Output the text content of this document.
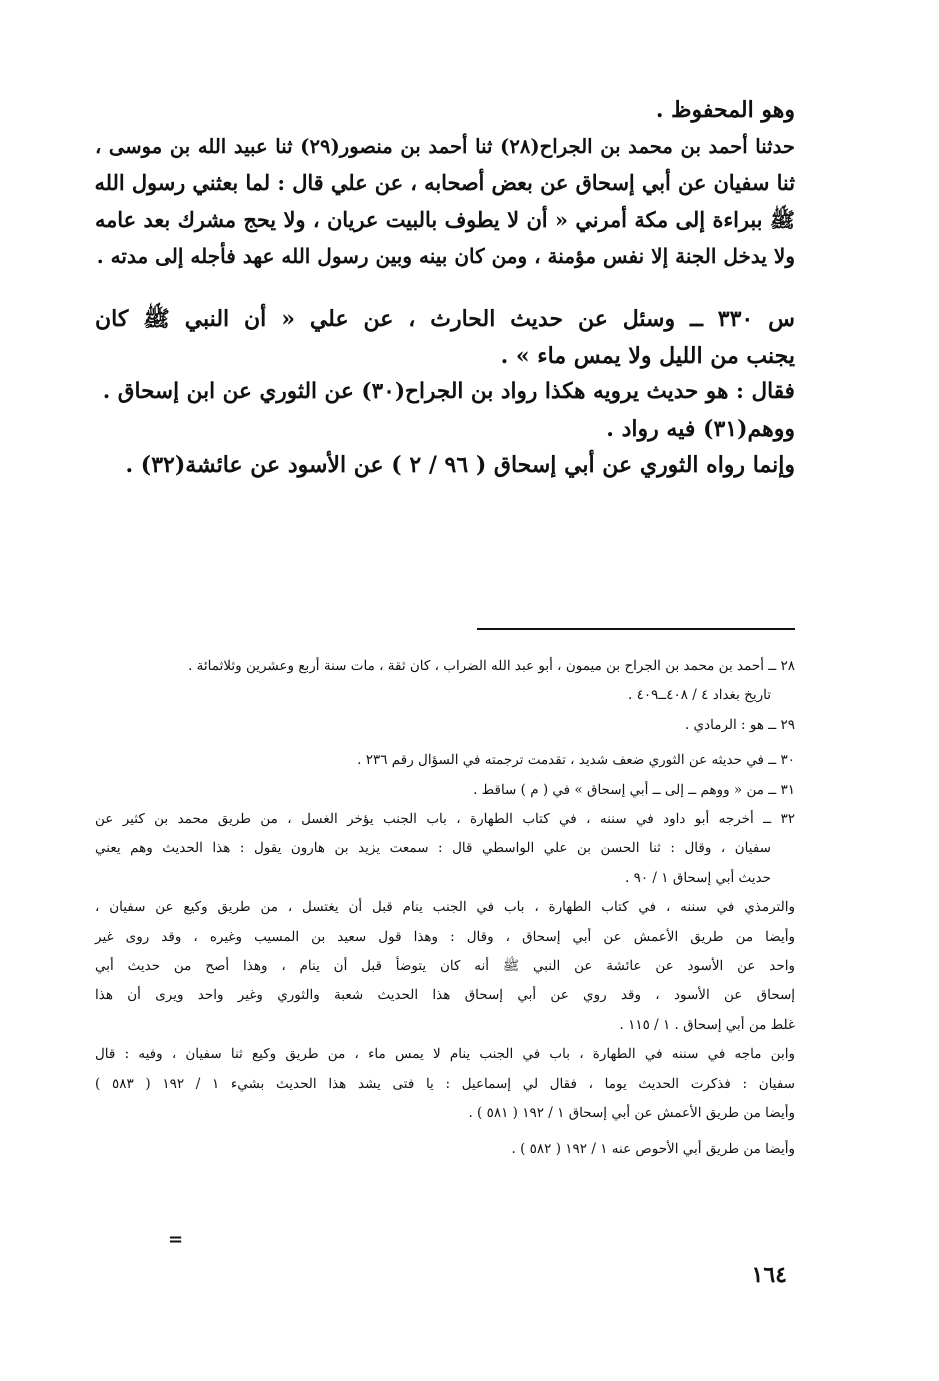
وهو المحفوظ .
حدثنا أحمد بن محمد بن الجراح(٢٨) ثنا أحمد بن منصور(٢٩) ثنا عبيد الله بن موسى ،
ثنا سفيان عن أبي إسحاق عن بعض أصحابه ، عن علي قال : لما بعثني رسول الله
ﷺ ببراءة إلى مكة أمرني « أن لا يطوف بالبيت عريان ، ولا يحج مشرك بعد عامه
ولا يدخل الجنة إلا نفس مؤمنة ، ومن كان بينه وبين رسول الله عهد فأجله إلى مدته .
س ٣٣٠ ــ وسئل عن حديث الحارث ، عن علي « أن النبي ﷺ كان
يجنب من الليل ولا يمس ماء » .
فقال : هو حديث يرويه هكذا رواد بن الجراح(٣٠) عن الثوري عن ابن إسحاق .
ووهم(٣١) فيه رواد .
وإنما رواه الثوري عن أبي إسحاق ( ٩٦ / ٢ ) عن الأسود عن عائشة(٣٢) .
٢٨ ــ أحمد بن محمد بن الجراح بن ميمون ، أبو عبد الله الضراب ، كان ثقة ، مات سنة أربع وعشرين وثلاثمائة .
تاريخ بغداد ٤ / ٤٠٨ــ٤٠٩ .
٢٩ ــ هو : الرمادي .
٣٠ ــ في حديثه عن الثوري ضعف شديد ، تقدمت ترجمته في السؤال رقم ٢٣٦ .
٣١ ــ من « ووهم ــ إلى ــ أبي إسحاق » في ( م ) ساقط .
٣٢ ــ أخرجه أبو داود في سننه ، في كتاب الطهارة ، باب الجنب يؤخر الغسل ، من طريق محمد بن كثير عن
سفيان ، وقال : ثنا الحسن بن علي الواسطي قال : سمعت يزيد بن هارون يقول : هذا الحديث وهم يعني
حديث أبي إسحاق ١ / ٩٠ .
والترمذي في سننه ، في كتاب الطهارة ، باب في الجنب ينام قبل أن يغتسل ، من طريق وكيع عن سفيان ،
وأيضا من طريق الأعمش عن أبي إسحاق ، وقال : وهذا قول سعيد بن المسيب وغيره ، وقد روى غير
واحد عن الأسود عن عائشة عن النبي ﷺ أنه كان يتوضأ قبل أن ينام ، وهذا أصح من حديث أبي
إسحاق عن الأسود ، وقد روي عن أبي إسحاق هذا الحديث شعبة والثوري وغير واحد ويرى أن هذا
غلط من أبي إسحاق . ١ / ١١٥ .
وابن ماجه في سننه في الطهارة ، باب في الجنب ينام لا يمس ماء ، من طريق وكيع ثنا سفيان ، وفيه : قال
سفيان : فذكرت الحديث يوما ، فقال لي إسماعيل : يا فتى يشد هذا الحديث بشيء ١ / ١٩٢ ( ٥٨٣ )
وأيضا من طريق الأعمش عن أبي إسحاق ١ / ١٩٢ ( ٥٨١ ) .
وأيضا من طريق أبي الأحوص عنه ١ / ١٩٢ ( ٥٨٢ ) .
١٦٤
=
